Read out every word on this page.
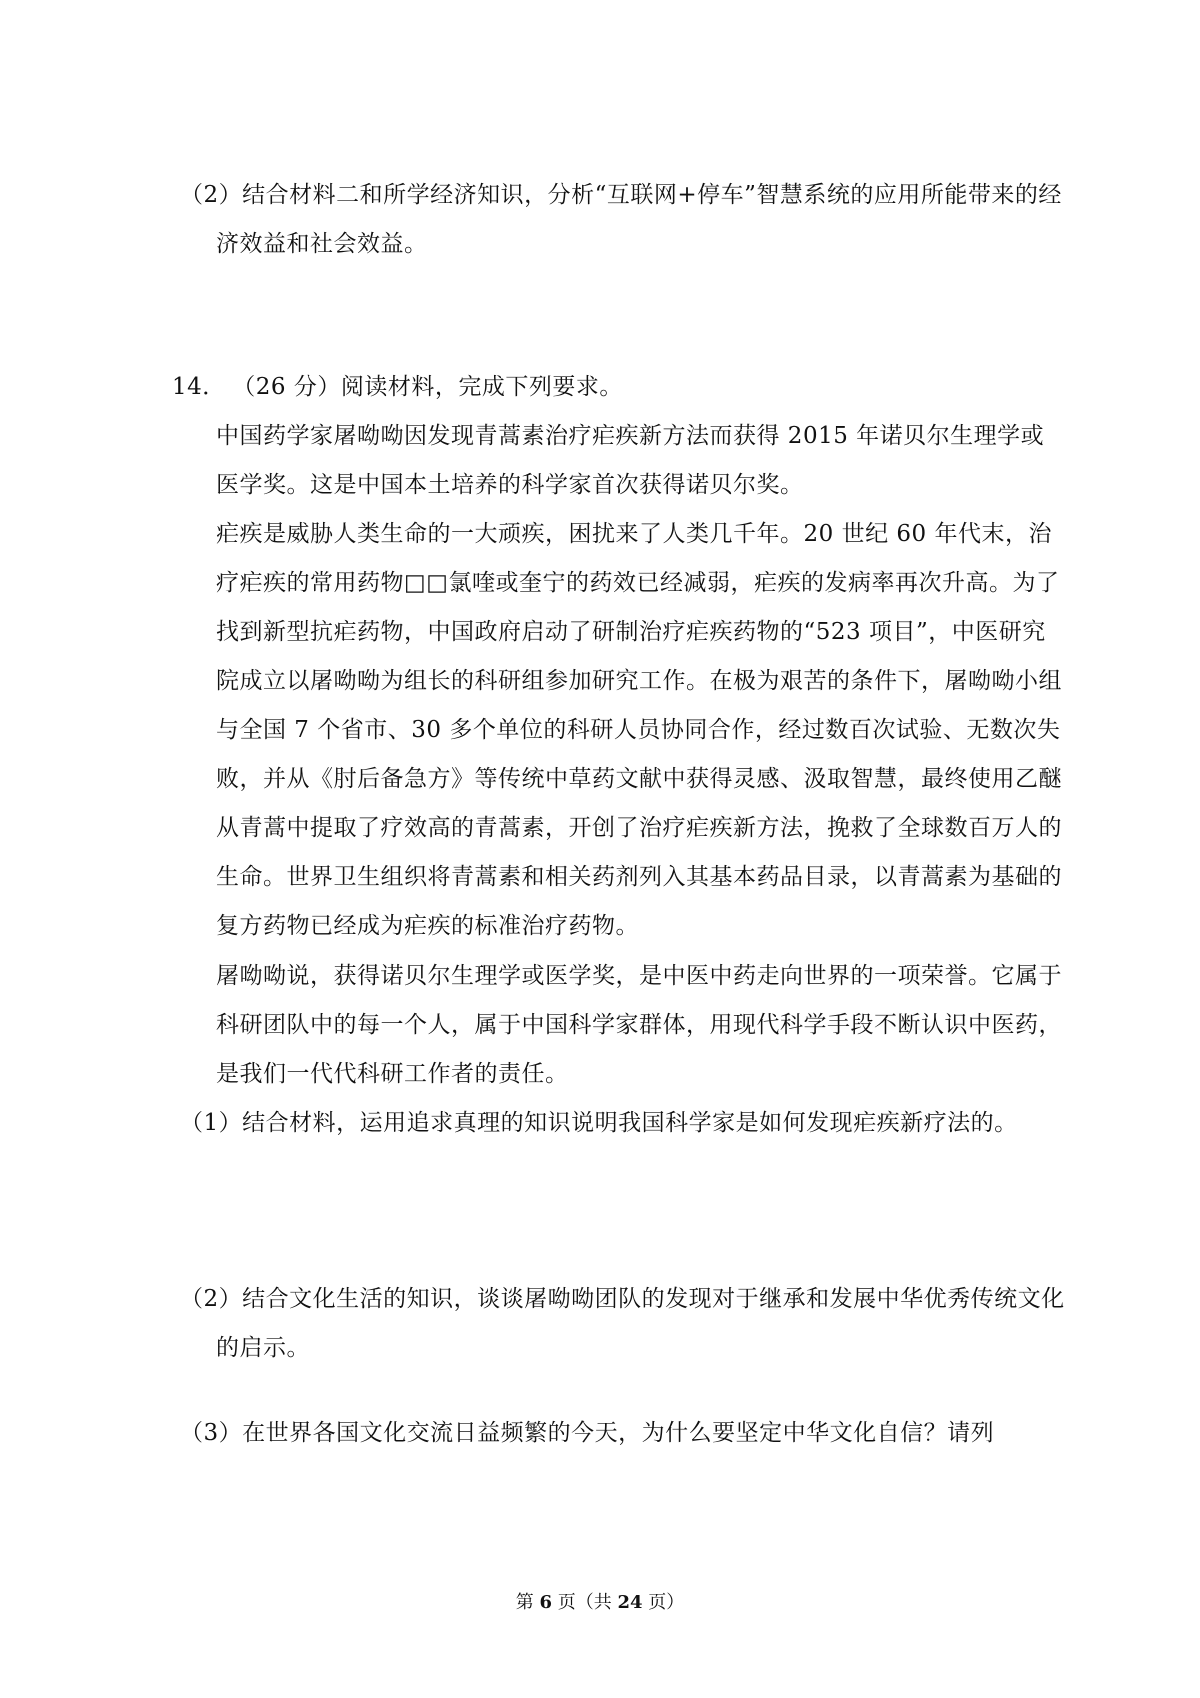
（2）结合材料二和所学经济知识，分析“互联网+停车”智慧系统的应用所能带来的经济效益和社会效益。
14． （26 分）阅读材料，完成下列要求。
中国药学家屠呦呦因发现青蒿素治疗疟疾新方法而获得 2015 年诺贝尔生理学或医学奖。这是中国本土培养的科学家首次获得诺贝尔奖。
疟疾是威胁人类生命的一大顽疾，困扰来了人类几千年。20 世纪 60 年代末，治疗疟疾的常用药物□□氯喹或奎宁的药效已经减弱，疟疾的发病率再次升高。为了找到新型抗疟药物，中国政府启动了研制治疗疟疾药物的“523 项目”，中医研究院成立以屠呦呦为组长的科研组参加研究工作。在极为艰苦的条件下，屠呦呦小组与全国 7 个省市、30 多个单位的科研人员协同合作，经过数百次试验、无数次失败，并从《肘后备急方》等传统中草药文献中获得灵感、汲取智慧，最终使用乙醚从青蒿中提取了疗效高的青蒿素，开创了治疗疟疾新方法，挽救了全球数百万人的生命。世界卫生组织将青蒿素和相关药剂列入其基本药品目录，以青蒿素为基础的复方药物已经成为疟疾的标准治疗药物。
屠呦呦说，获得诺贝尔生理学或医学奖，是中医中药走向世界的一项荣誉。它属于科研团队中的每一个人，属于中国科学家群体，用现代科学手段不断认识中医药，是我们一代代科研工作者的责任。
（1）结合材料，运用追求真理的知识说明我国科学家是如何发现疟疾新疗法的。
（2）结合文化生活的知识，谈谈屠呦呦团队的发现对于继承和发展中华优秀传统文化的启示。
（3）在世界各国文化交流日益频繁的今天，为什么要坚定中华文化自信？请列
第 6 页（共 24 页）
